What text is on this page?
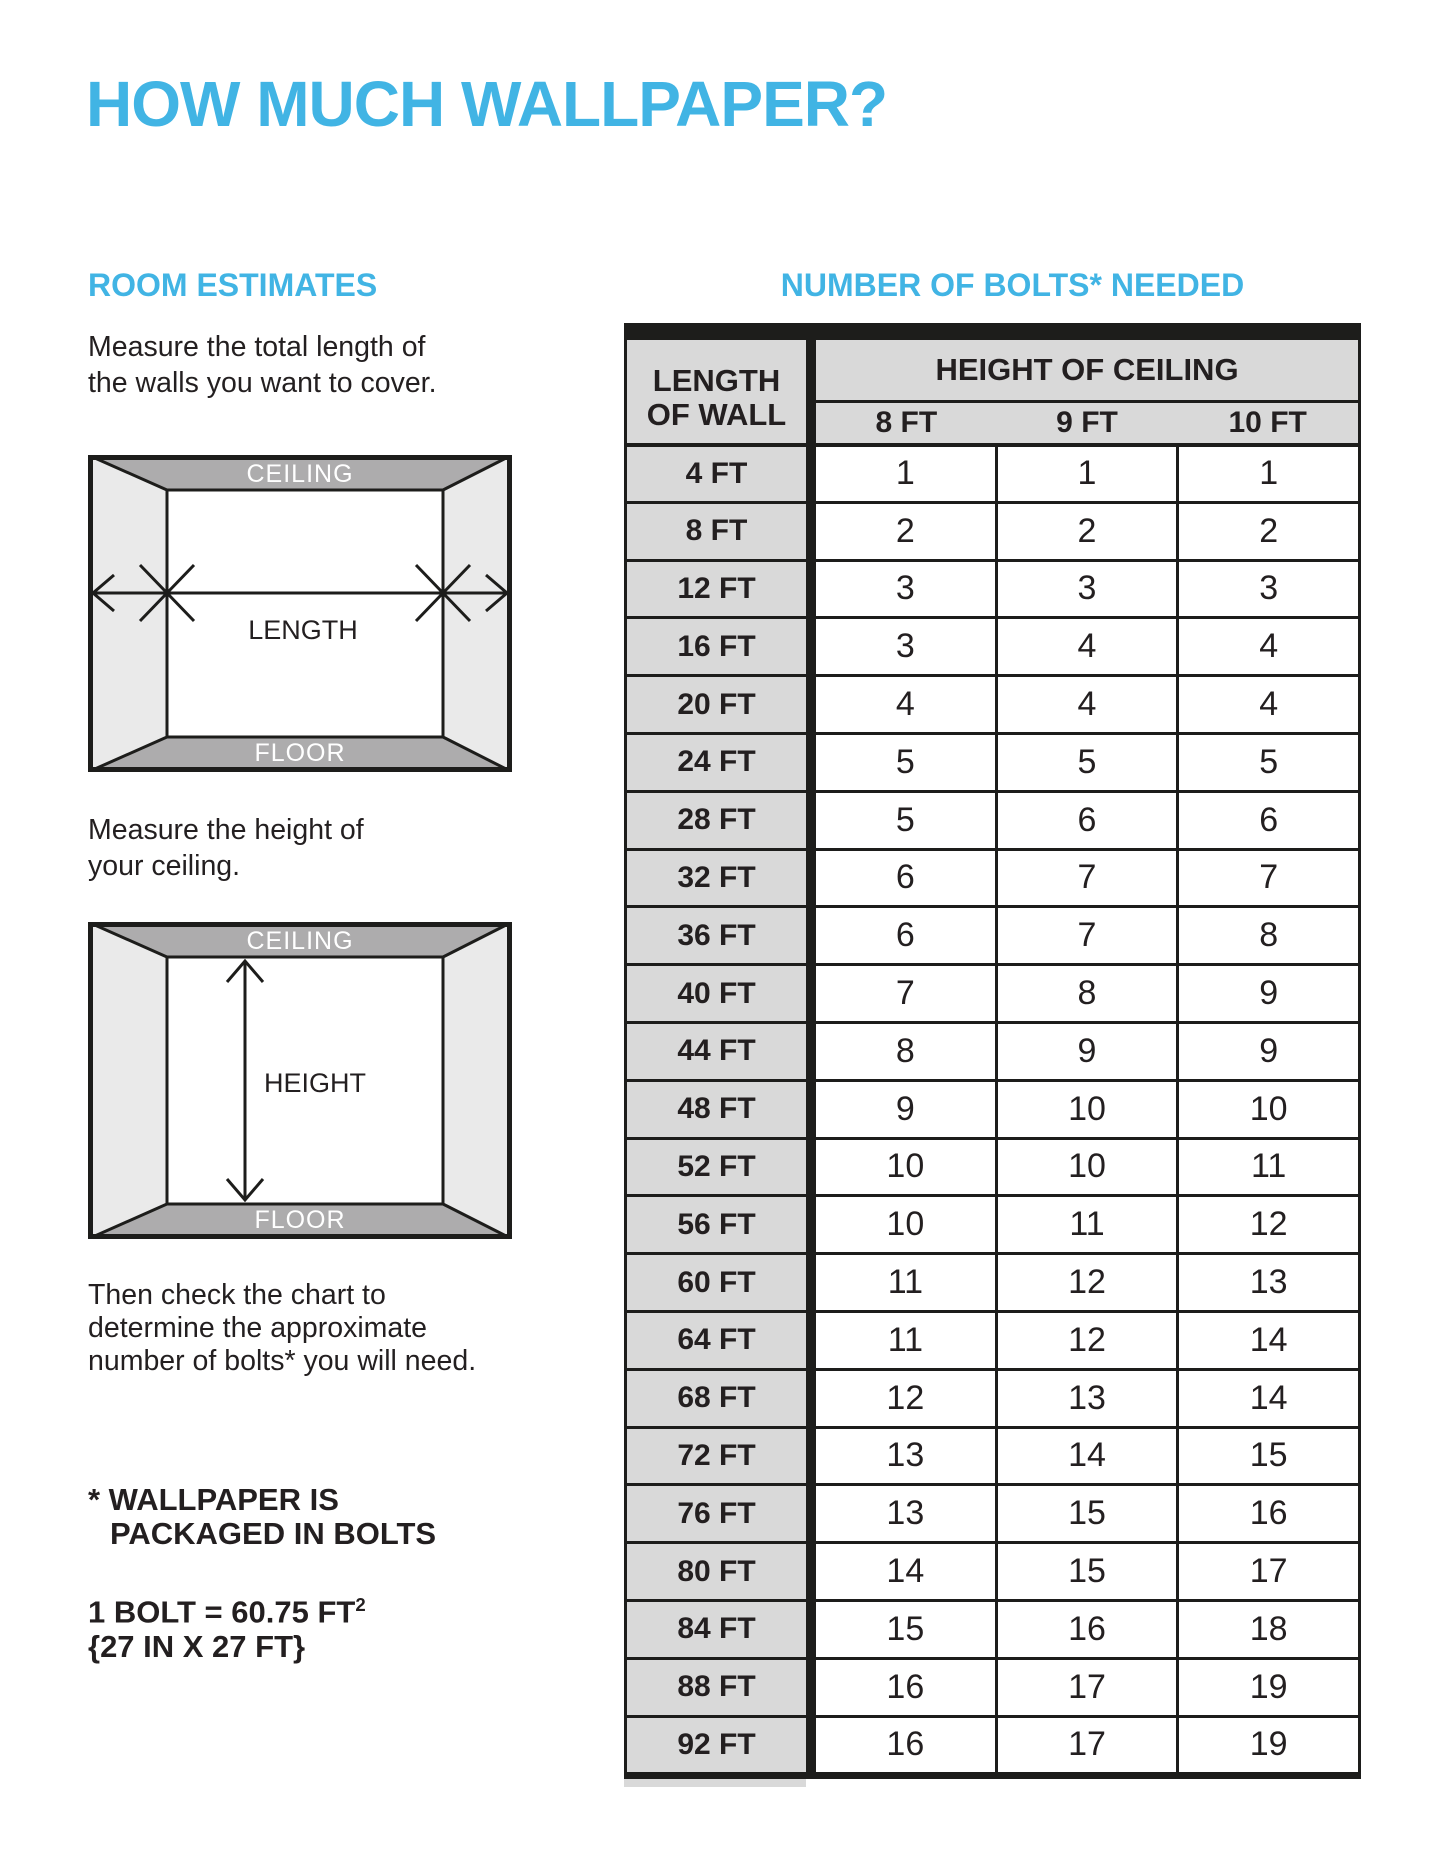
HOW MUCH WALLPAPER?
ROOM ESTIMATES
Measure the total length of
the walls you want to cover.
CEILING
FLOOR
LENGTH
Measure the height of
your ceiling.
CEILING
FLOOR
HEIGHT
Then check the chart to
determine the approximate
number of bolts* you will need.
* WALLPAPER IS
PACKAGED IN BOLTS
1 BOLT = 60.75 $FT^2$
{27 IN X 27 FT}
NUMBER OF BOLTS* NEEDED
LENGTH
OF WALL
HEIGHT OF CEILING
8 FT	9 FT	10 FT
4 FT	1	1	1
8 FT	2	2	2
12 FT	3	3	3
16 FT	3	4	4
20 FT	4	4	4
24 FT	5	5	5
28 FT	5	6	6
32 FT	6	7	7
36 FT	6	7	8
40 FT	7	8	9
44 FT	8	9	9
48 FT	9	10	10
52 FT	10	10	11
56 FT	10	11	12
60 FT	11	12	13
64 FT	11	12	14
68 FT	12	13	14
72 FT	13	14	15
76 FT	13	15	16
80 FT	14	15	17
84 FT	15	16	18
88 FT	16	17	19
92 FT	16	17	19
